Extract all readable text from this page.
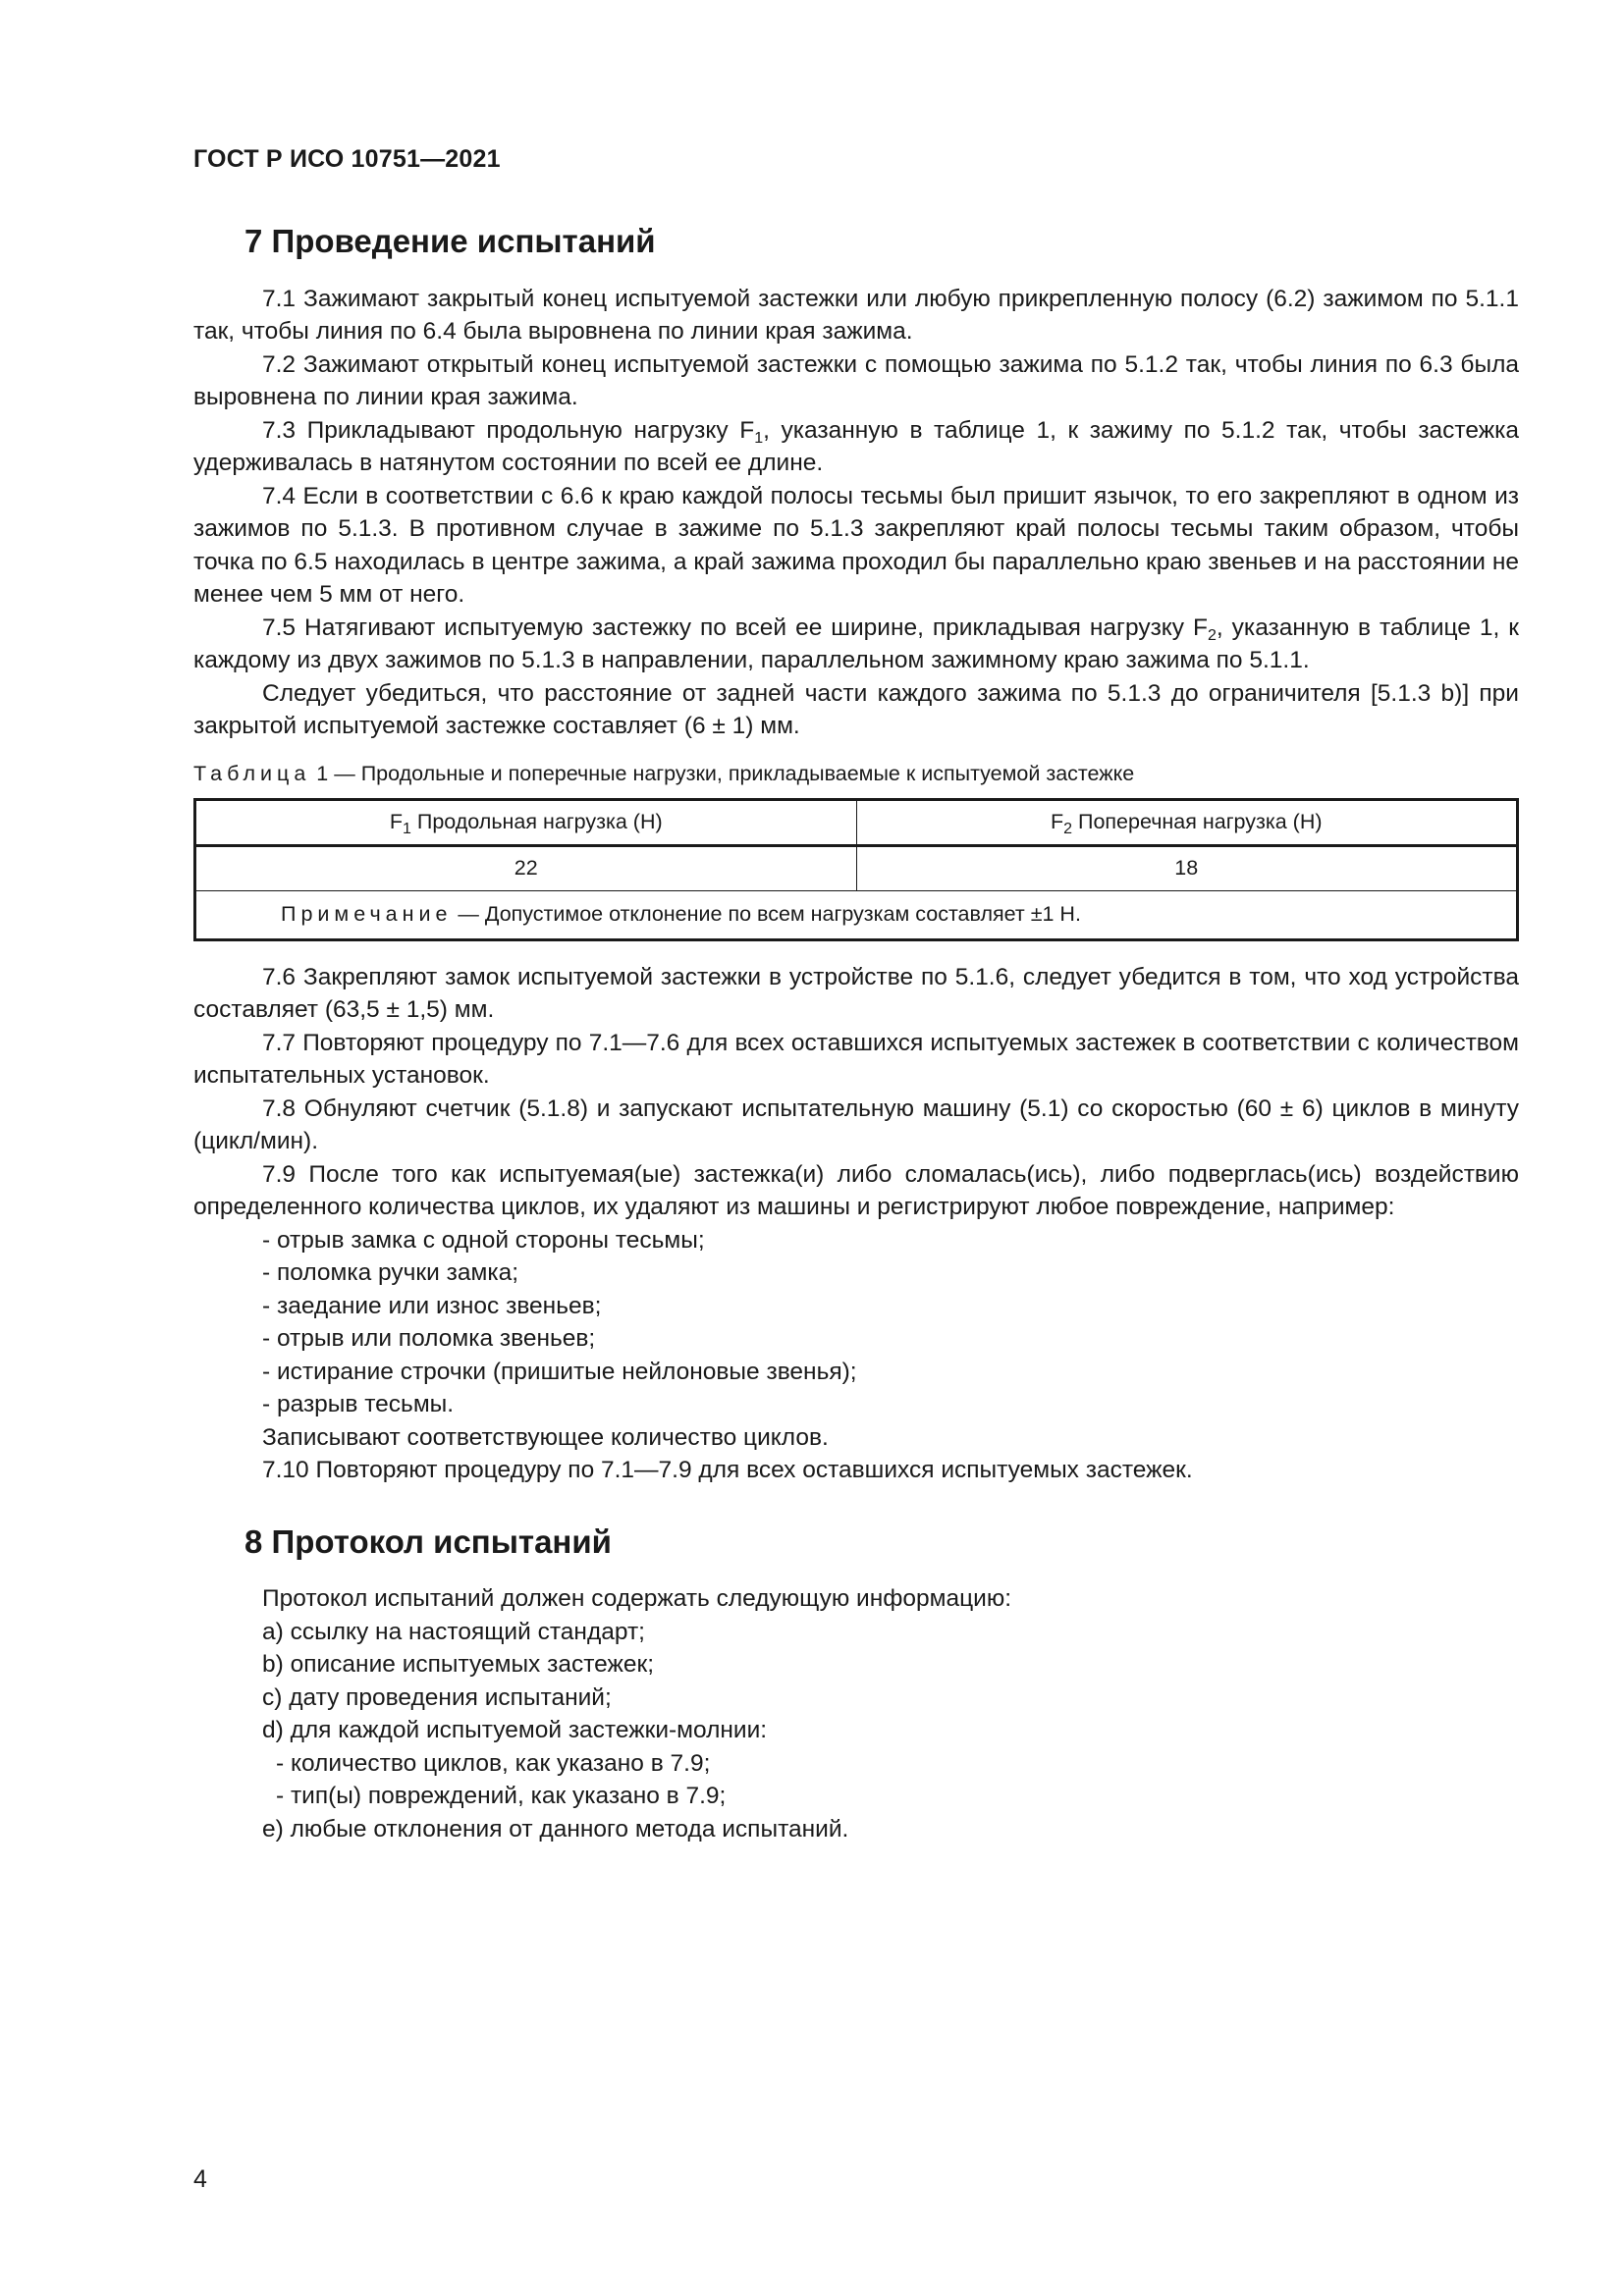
ГОСТ Р ИСО 10751—2021
7 Проведение испытаний

7.1 Зажимают закрытый конец испытуемой застежки или любую прикрепленную полосу (6.2) зажимом по 5.1.1 так, чтобы линия по 6.4 была выровнена по линии края зажима.

7.2 Зажимают открытый конец испытуемой застежки с помощью зажима по 5.1.2 так, чтобы линия по 6.3 была выровнена по линии края зажима.

7.3 Прикладывают продольную нагрузку $F_1$, указанную в таблице 1, к зажиму по 5.1.2 так, чтобы застежка удерживалась в натянутом состоянии по всей ее длине.

7.4 Если в соответствии с 6.6 к краю каждой полосы тесьмы был пришит язычок, то его закрепляют в одном из зажимов по 5.1.3. В противном случае в зажиме по 5.1.3 закрепляют край полосы тесьмы таким образом, чтобы точка по 6.5 находилась в центре зажима, а край зажима проходил бы параллельно краю звеньев и на расстоянии не менее чем 5 мм от него.

7.5 Натягивают испытуемую застежку по всей ее ширине, прикладывая нагрузку $F_2$, указанную в таблице 1, к каждому из двух зажимов по 5.1.3 в направлении, параллельном зажимному краю зажима по 5.1.1.

Следует убедиться, что расстояние от задней части каждого зажима по 5.1.3 до ограничителя [5.1.3 b)] при закрытой испытуемой застежке составляет (6 ± 1) мм.

Таблица 1 — Продольные и поперечные нагрузки, прикладываемые к испытуемой застежке
$F_1$ Продольная нагрузка (Н)	$F_2$ Поперечная нагрузка (Н)
22	18
Примечание — Допустимое отклонение по всем нагрузкам составляет ±1 Н.	

7.6 Закрепляют замок испытуемой застежки в устройстве по 5.1.6, следует убедится в том, что ход устройства составляет (63,5 ± 1,5) мм.

7.7 Повторяют процедуру по 7.1—7.6 для всех оставшихся испытуемых застежек в соответствии с количеством испытательных установок.

7.8 Обнуляют счетчик (5.1.8) и запускают испытательную машину (5.1) со скоростью (60 ± 6) циклов в минуту (цикл/мин).

7.9 После того как испытуемая(ые) застежка(и) либо сломалась(ись), либо подверглась(ись) воздействию определенного количества циклов, их удаляют из машины и регистрируют любое повреждение, например:

- отрыв замка с одной стороны тесьмы;
- поломка ручки замка;
- заедание или износ звеньев;
- отрыв или поломка звеньев;
- истирание строчки (пришитые нейлоновые звенья);
- разрыв тесьмы.
Записывают соответствующее количество циклов.
7.10 Повторяют процедуру по 7.1—7.9 для всех оставшихся испытуемых застежек.
8 Протокол испытаний
Протокол испытаний должен содержать следующую информацию:
a) ссылку на настоящий стандарт;
b) описание испытуемых застежек;
c) дату проведения испытаний;
d) для каждой испытуемой застежки-молнии:
- количество циклов, как указано в 7.9;
- тип(ы) повреждений, как указано в 7.9;
e) любые отклонения от данного метода испытаний.
4
